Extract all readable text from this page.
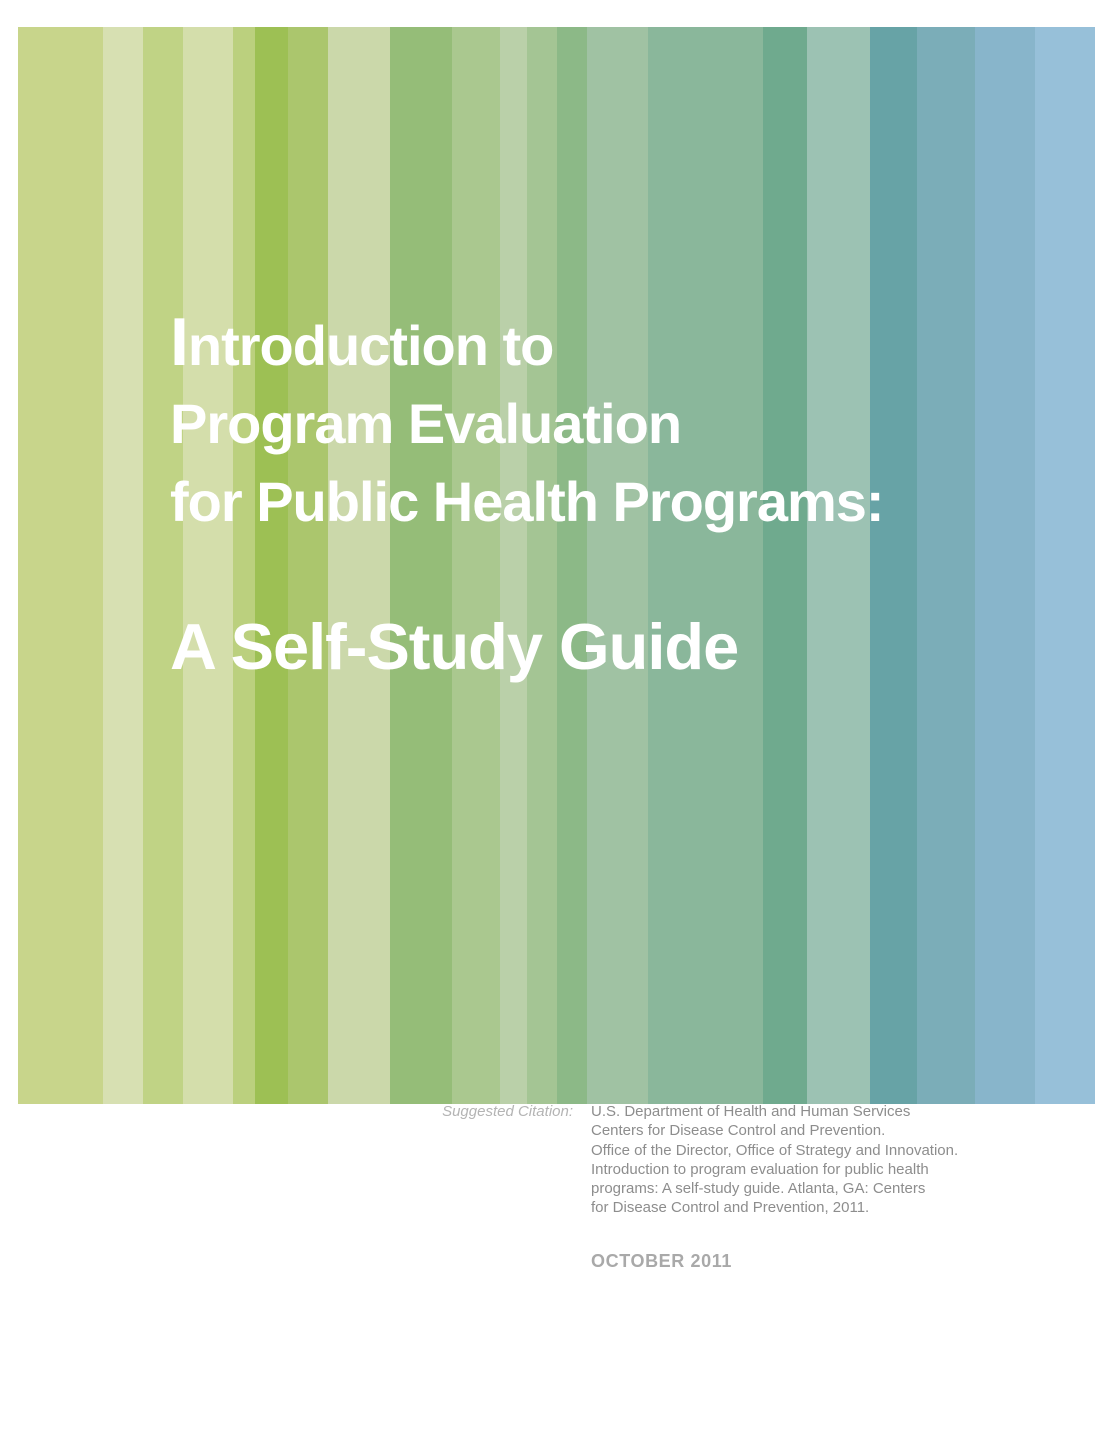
Introduction to
Program Evaluation
for Public Health Programs:
A Self-Study Guide
Suggested Citation: U.S. Department of Health and Human Services
Centers for Disease Control and Prevention.
Office of the Director, Office of Strategy and Innovation.
Introduction to program evaluation for public health
programs: A self-study guide. Atlanta, GA: Centers
for Disease Control and Prevention, 2011.
OCTOBER 2011
